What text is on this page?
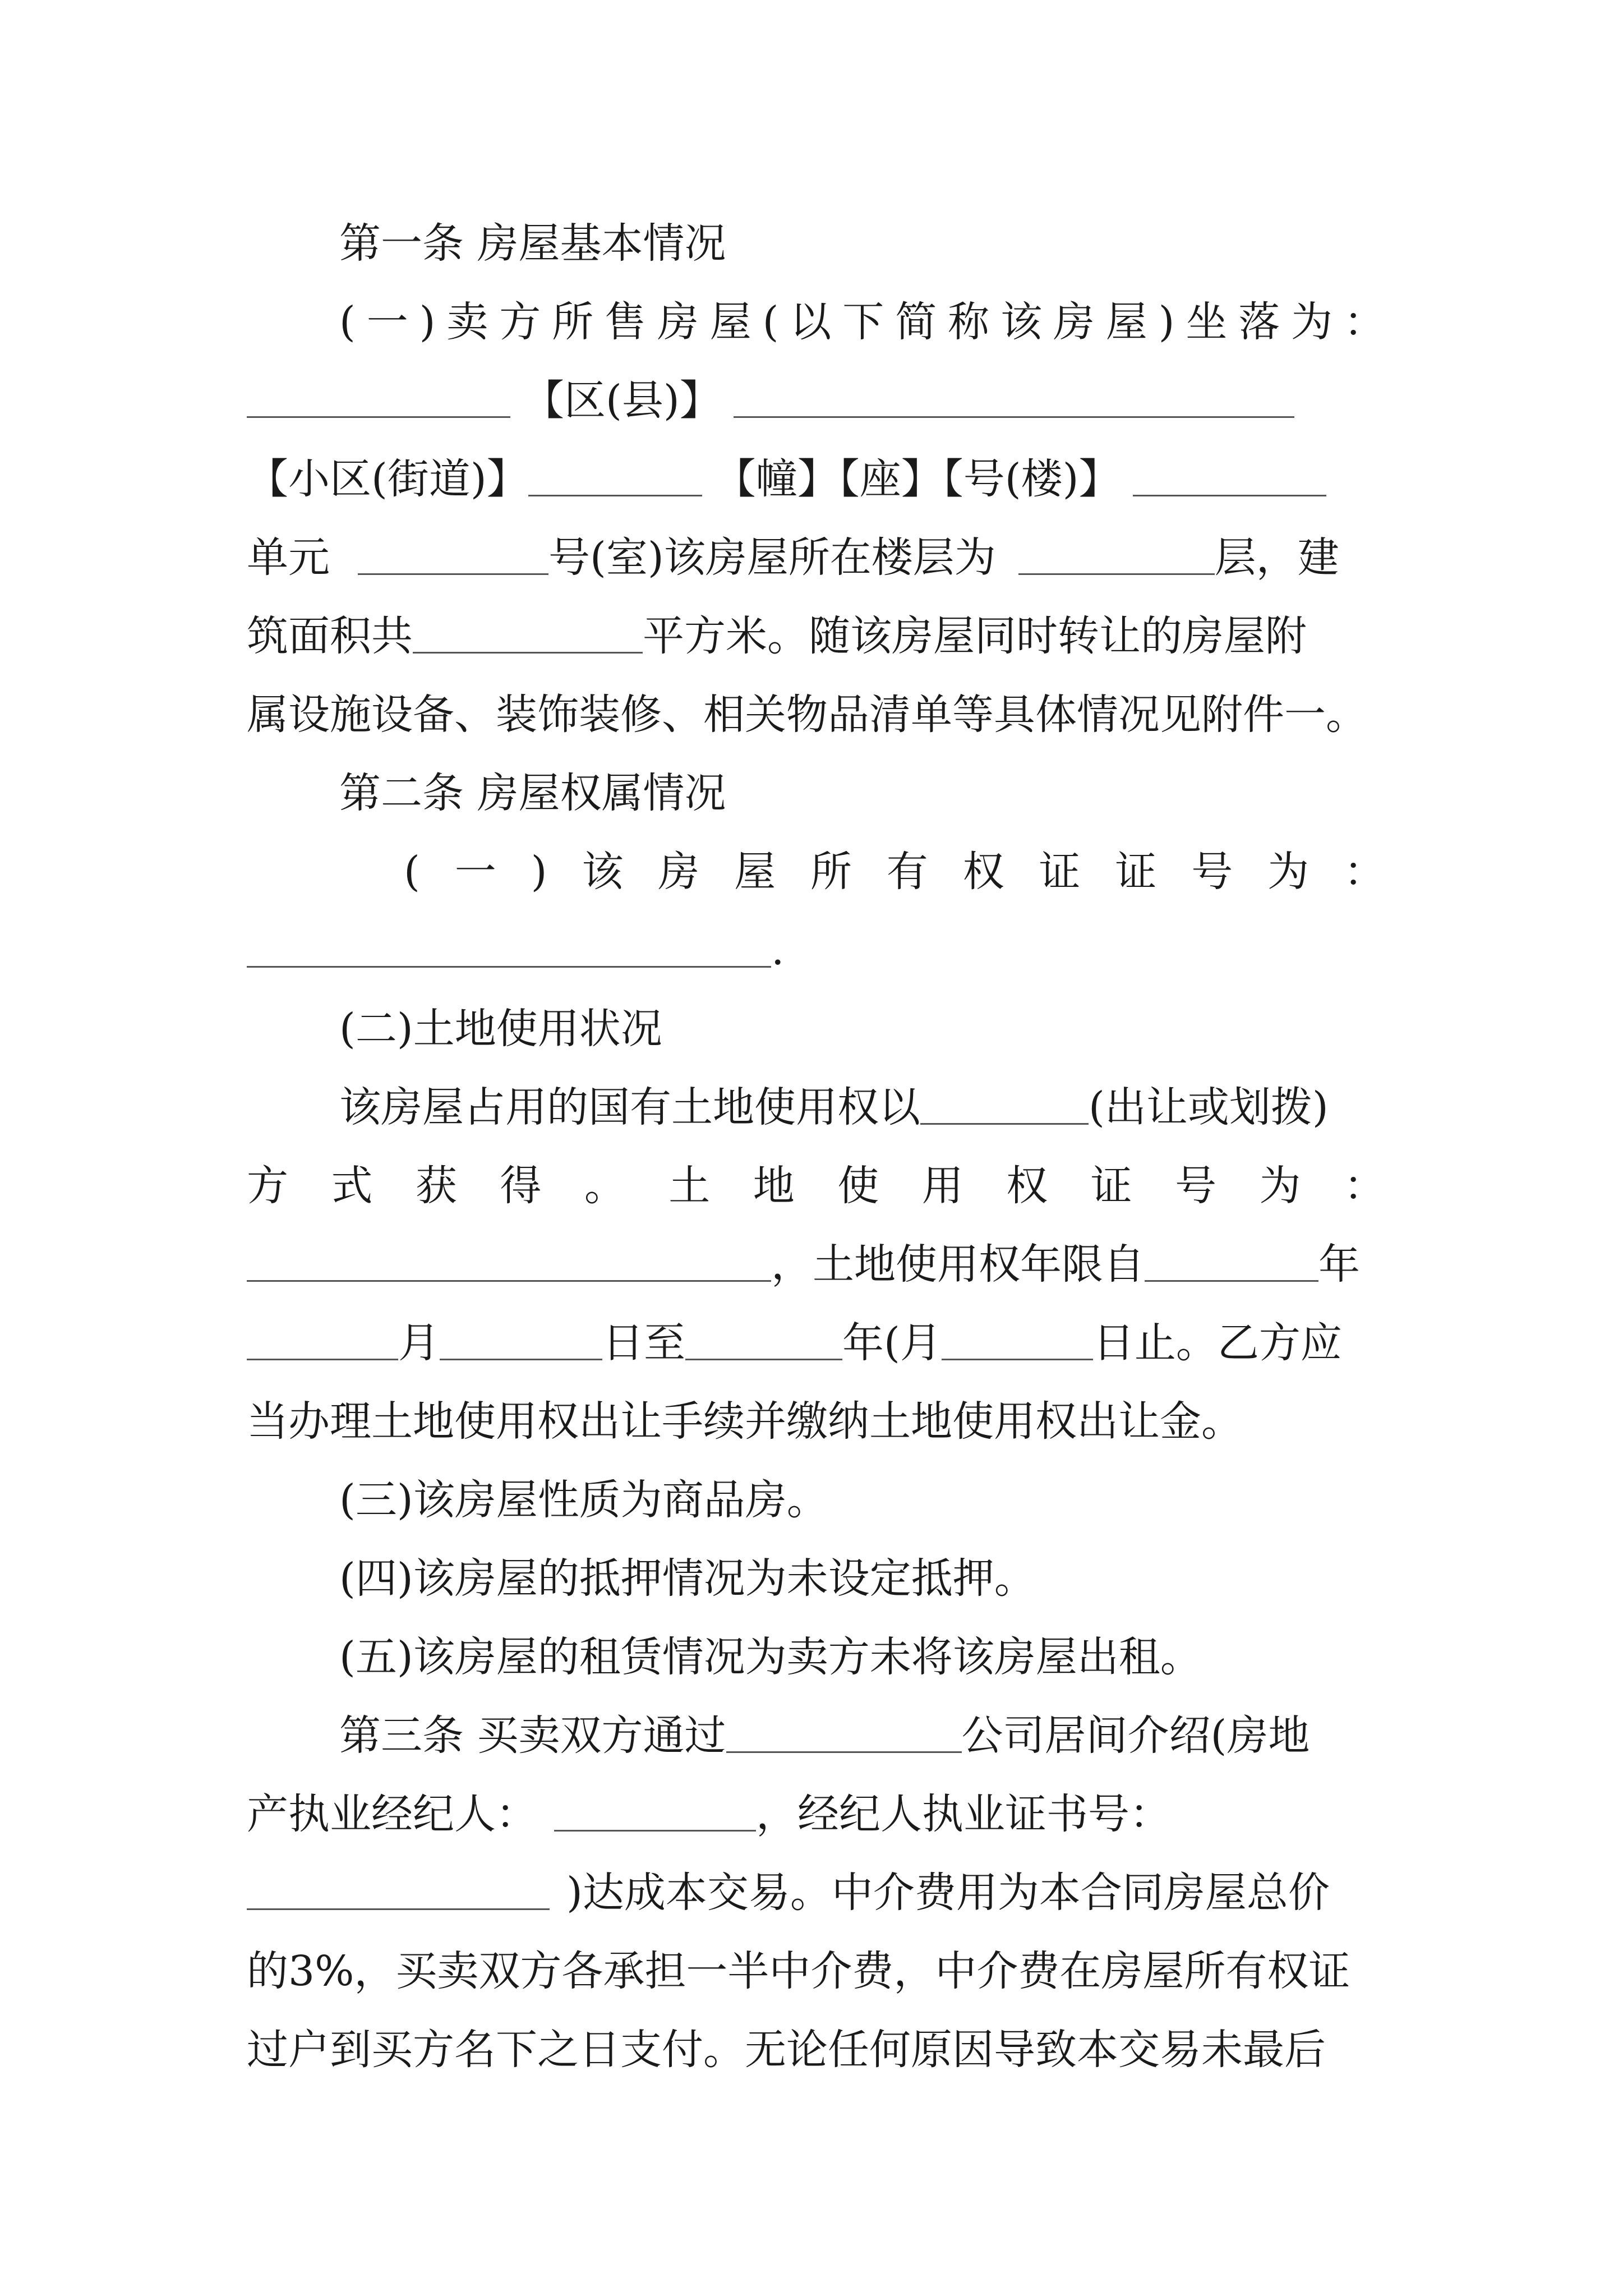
第一条 房屋基本情况
(一)卖方所售房屋(以下简称该房屋)坐落为：
【区(县)】
【小区(街道)】	【幢】【座】【号(楼)】
单元	号(室)该房屋所在楼层为	层，建
筑面积共	平方米。随该房屋同时转让的房屋附
属设施设备、装饰装修、相关物品清单等具体情况见附件一。
第二条 房屋权属情况
(一)该房屋所有权证证号为：
.
(二)土地使用状况
该房屋占用的国有土地使用权以	(出让或划拨)
方式获得。土地使用权证号为：
，土地使用权年限自	年
月	日至	年(月	日止。乙方应
当办理土地使用权出让手续并缴纳土地使用权出让金。
(三)该房屋性质为商品房。
(四)该房屋的抵押情况为未设定抵押。
(五)该房屋的租赁情况为卖方未将该房屋出租。
第三条 买卖双方通过	公司居间介绍(房地
产执业经纪人：	，经纪人执业证书号：
)达成本交易。中介费用为本合同房屋总价
的3%，买卖双方各承担一半中介费，中介费在房屋所有权证
过户到买方名下之日支付。无论任何原因导致本交易未最后
